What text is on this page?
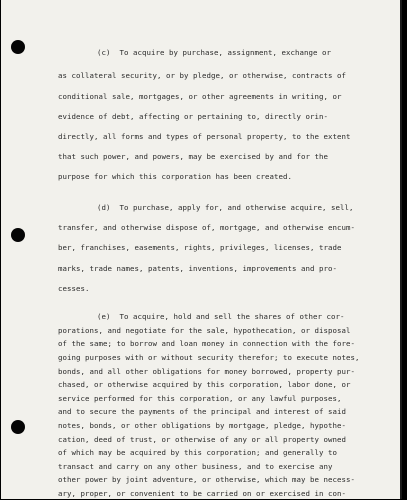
(c)  To acquire by purchase, assignment, exchange or
as collateral security, or by pledge, or otherwise, contracts of
conditional sale, mortgages, or other agreements in writing, or
evidence of debt, affecting or pertaining to, directly orin-
directly, all forms and types of personal property, to the extent
that such power, and powers, may be exercised by and for the
purpose for which this corporation has been created.
(d)  To purchase, apply for, and otherwise acquire, sell,
transfer, and otherwise dispose of, mortgage, and otherwise encum-
ber, franchises, easements, rights, privileges, licenses, trade
marks, trade names, patents, inventions, improvements and pro-
cesses.
(e)  To acquire, hold and sell the shares of other cor-
porations, and negotiate for the sale, hypothecation, or disposal
of the same; to borrow and loan money in connection with the fore-
going purposes with or without security therefor; to execute notes,
bonds, and all other obligations for money borrowed, property pur-
chased, or otherwise acquired by this corporation, labor done, or
service performed for this corporation, or any lawful purposes,
and to secure the payments of the principal and interest of said
notes, bonds, or other obligations by mortgage, pledge, hypothe-
cation, deed of trust, or otherwise of any or all property owned
of which may be acquired by this corporation; and generally to
transact and carry on any other business, and to exercise any
other power by joint adventure, or otherwise, which may be necess-
ary, proper, or convenient to be carried on or exercised in con-
